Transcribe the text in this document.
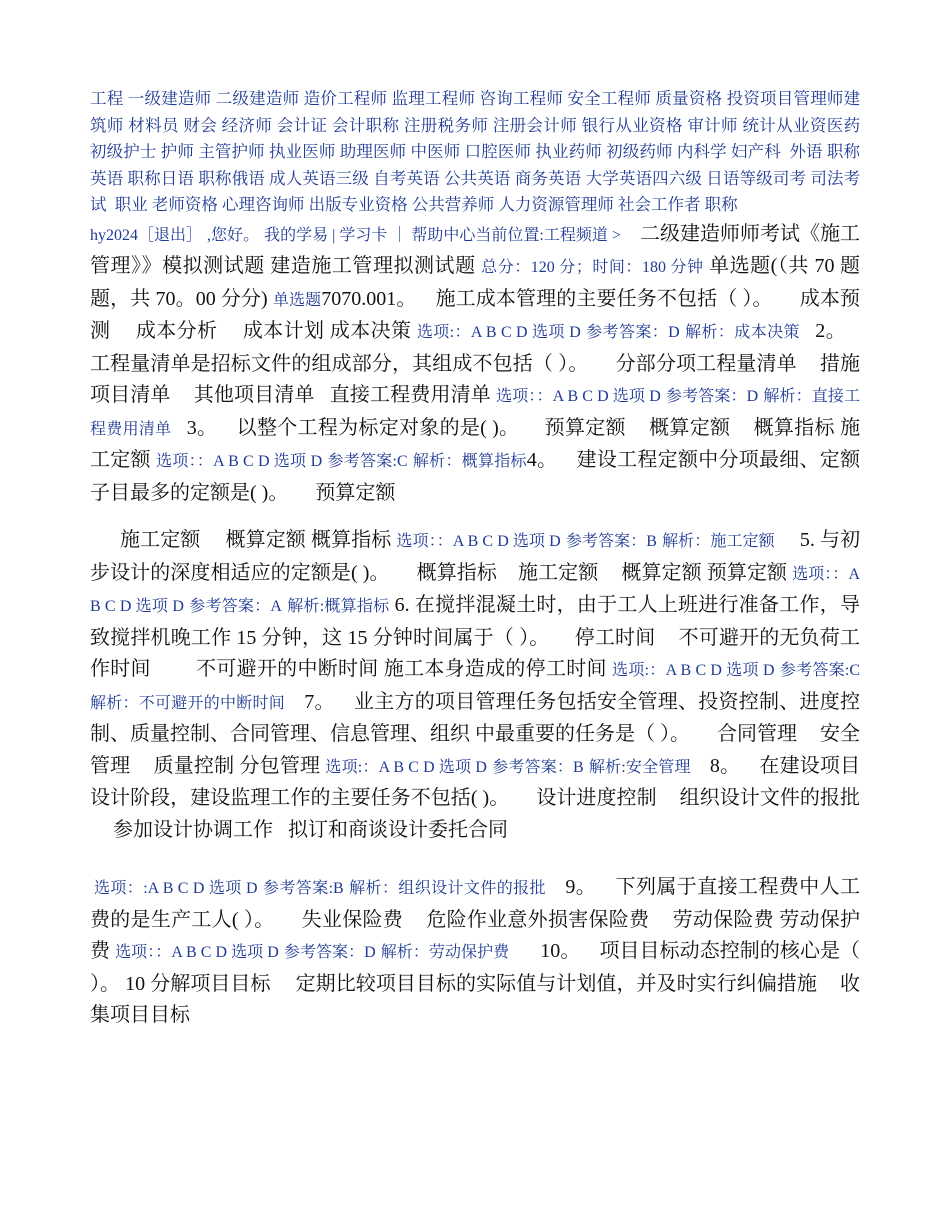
工程 一级建造师 二级建造师 造价工程师 监理工程师 咨询工程师 安全工程师 质量资格 投资项目管理师建筑师 材料员 财会 经济师 会计证 会计职称 注册税务师 注册会计师 银行从业资格 审计师 统计从业资医药 初级护士 护师 主管护师 执业医师 助理医师 中医师 口腔医师 执业药师 初级药师 内科学 妇产科 外语 职称英语 职称日语 职称俄语 成人英语三级 自考英语 公共英语 商务英语 大学英语四六级 日语等级司考 司法考试 职业 老师资格 心理咨询师 出版专业资格 公共营养师 人力资源管理师 社会工作者 职称
hy2024［退出］ ,您好。 我的学易 | 学习卡 ｜ 帮助中心当前位置:工程频道 > 二级建造师师考试《施工管理》》模拟测试题 建造施工管理拟测试题 总分：120 分；时间：180 分钟 单选题(（共 70 题题，共 70。00 分分) 单选题7070.001。 施工成本管理的主要任务不包括（ ）。 成本预测 成本分析 成本计划 成本决策 选项:：A B C D 选项 D 参考答案：D 解析：成本决策 2。 工程量清单是招标文件的组成部分，其组成不包括（ ）。 分部分项工程量清单 措施项目清单 其他项目清单 直接工程费用清单 选项：：A B C D 选项 D 参考答案：D 解析：直接工程费用清单 3。 以整个工程为标定对象的是( )。 预算定额 概算定额 概算指标 施工定额 选项：：A B C D 选项 D 参考答案:C 解析：概算指标4。 建设工程定额中分项最细、定额子目最多的定额是( )。 预算定额
施工定额 概算定额 概算指标 选项：：A B C D 选项 D 参考答案：B 解析：施工定额 5. 与初步设计的深度相适应的定额是( )。 概算指标 施工定额 概算定额 预算定额 选项：：A B C D 选项 D 参考答案：A 解析:概算指标 6. 在搅拌混凝土时，由于工人上班进行准备工作，导致搅拌机晚工作 15 分钟，这 15 分钟时间属于（ ）。 停工时间 不可避开的无负荷工作时间 不可避开的中断时间 施工本身造成的停工时间 选项:：A B C D 选项 D 参考答案:C 解析：不可避开的中断时间 7。 业主方的项目管理任务包括安全管理、投资控制、进度控制、质量控制、合同管理、信息管理、组织 中最重要的任务是（ ）。 合同管理 安全管理 质量控制 分包管理 选项:：A B C D 选项 D 参考答案：B 解析:安全管理 8。 在建设项目设计阶段，建设监理工作的主要任务不包括( )。 设计进度控制 组织设计文件的报批 参加设计协调工作 拟订和商谈设计委托合同
选项：:A B C D 选项 D 参考答案:B 解析：组织设计文件的报批 9。 下列属于直接工程费中人工费的是生产工人( ）。 失业保险费 危险作业意外损害保险费 劳动保险费 劳动保护费 选项：：A B C D 选项 D 参考答案：D 解析：劳动保护费 10。 项目目标动态控制的核心是（ ）。 10 分解项目目标 定期比较项目目标的实际值与计划值，并及时实行纠偏措施 收集项目目标
